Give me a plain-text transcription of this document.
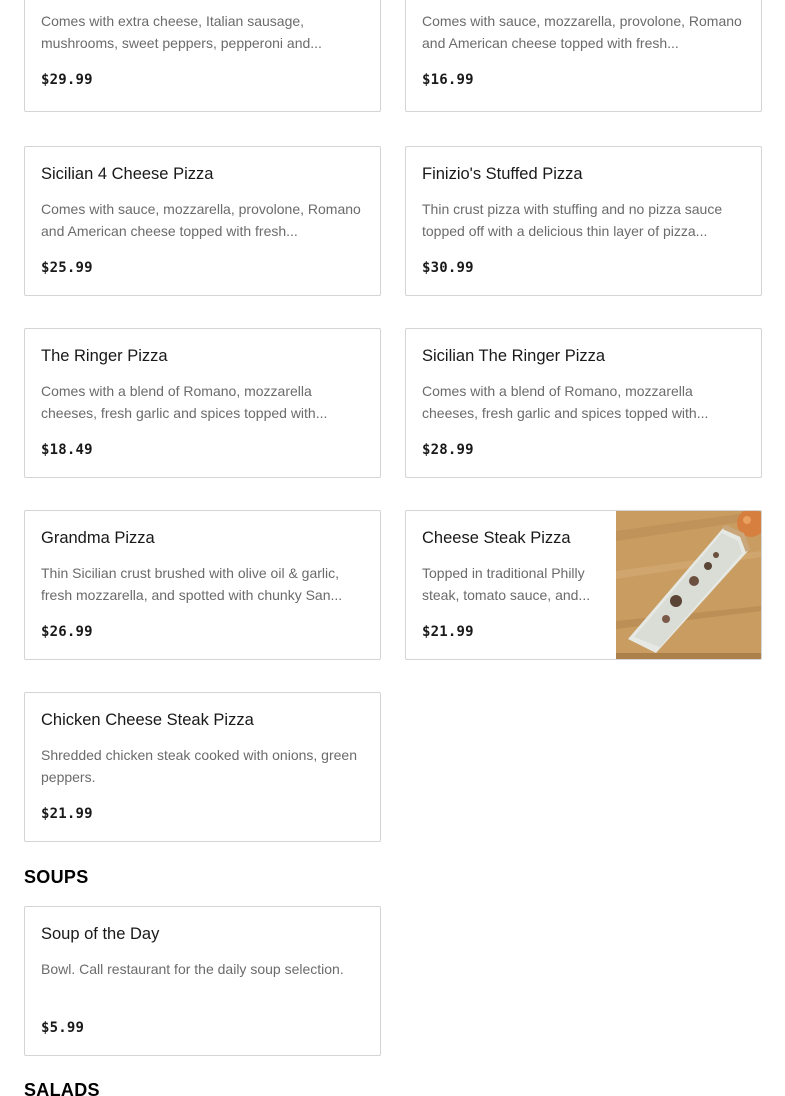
Comes with extra cheese, Italian sausage, mushrooms, sweet peppers, pepperoni and...
$29.99
Comes with sauce, mozzarella, provolone, Romano and American cheese topped with fresh...
$16.99
Sicilian 4 Cheese Pizza
Comes with sauce, mozzarella, provolone, Romano and American cheese topped with fresh...
$25.99
Finizio's Stuffed Pizza
Thin crust pizza with stuffing and no pizza sauce topped off with a delicious thin layer of pizza...
$30.99
The Ringer Pizza
Comes with a blend of Romano, mozzarella cheeses, fresh garlic and spices topped with...
$18.49
Sicilian The Ringer Pizza
Comes with a blend of Romano, mozzarella cheeses, fresh garlic and spices topped with...
$28.99
Grandma Pizza
Thin Sicilian crust brushed with olive oil & garlic, fresh mozzarella, and spotted with chunky San...
$26.99
Cheese Steak Pizza
Topped in traditional Philly steak, tomato sauce, and...
$21.99
Chicken Cheese Steak Pizza
Shredded chicken steak cooked with onions, green peppers.
$21.99
SOUPS
Soup of the Day
Bowl. Call restaurant for the daily soup selection.
$5.99
SALADS
